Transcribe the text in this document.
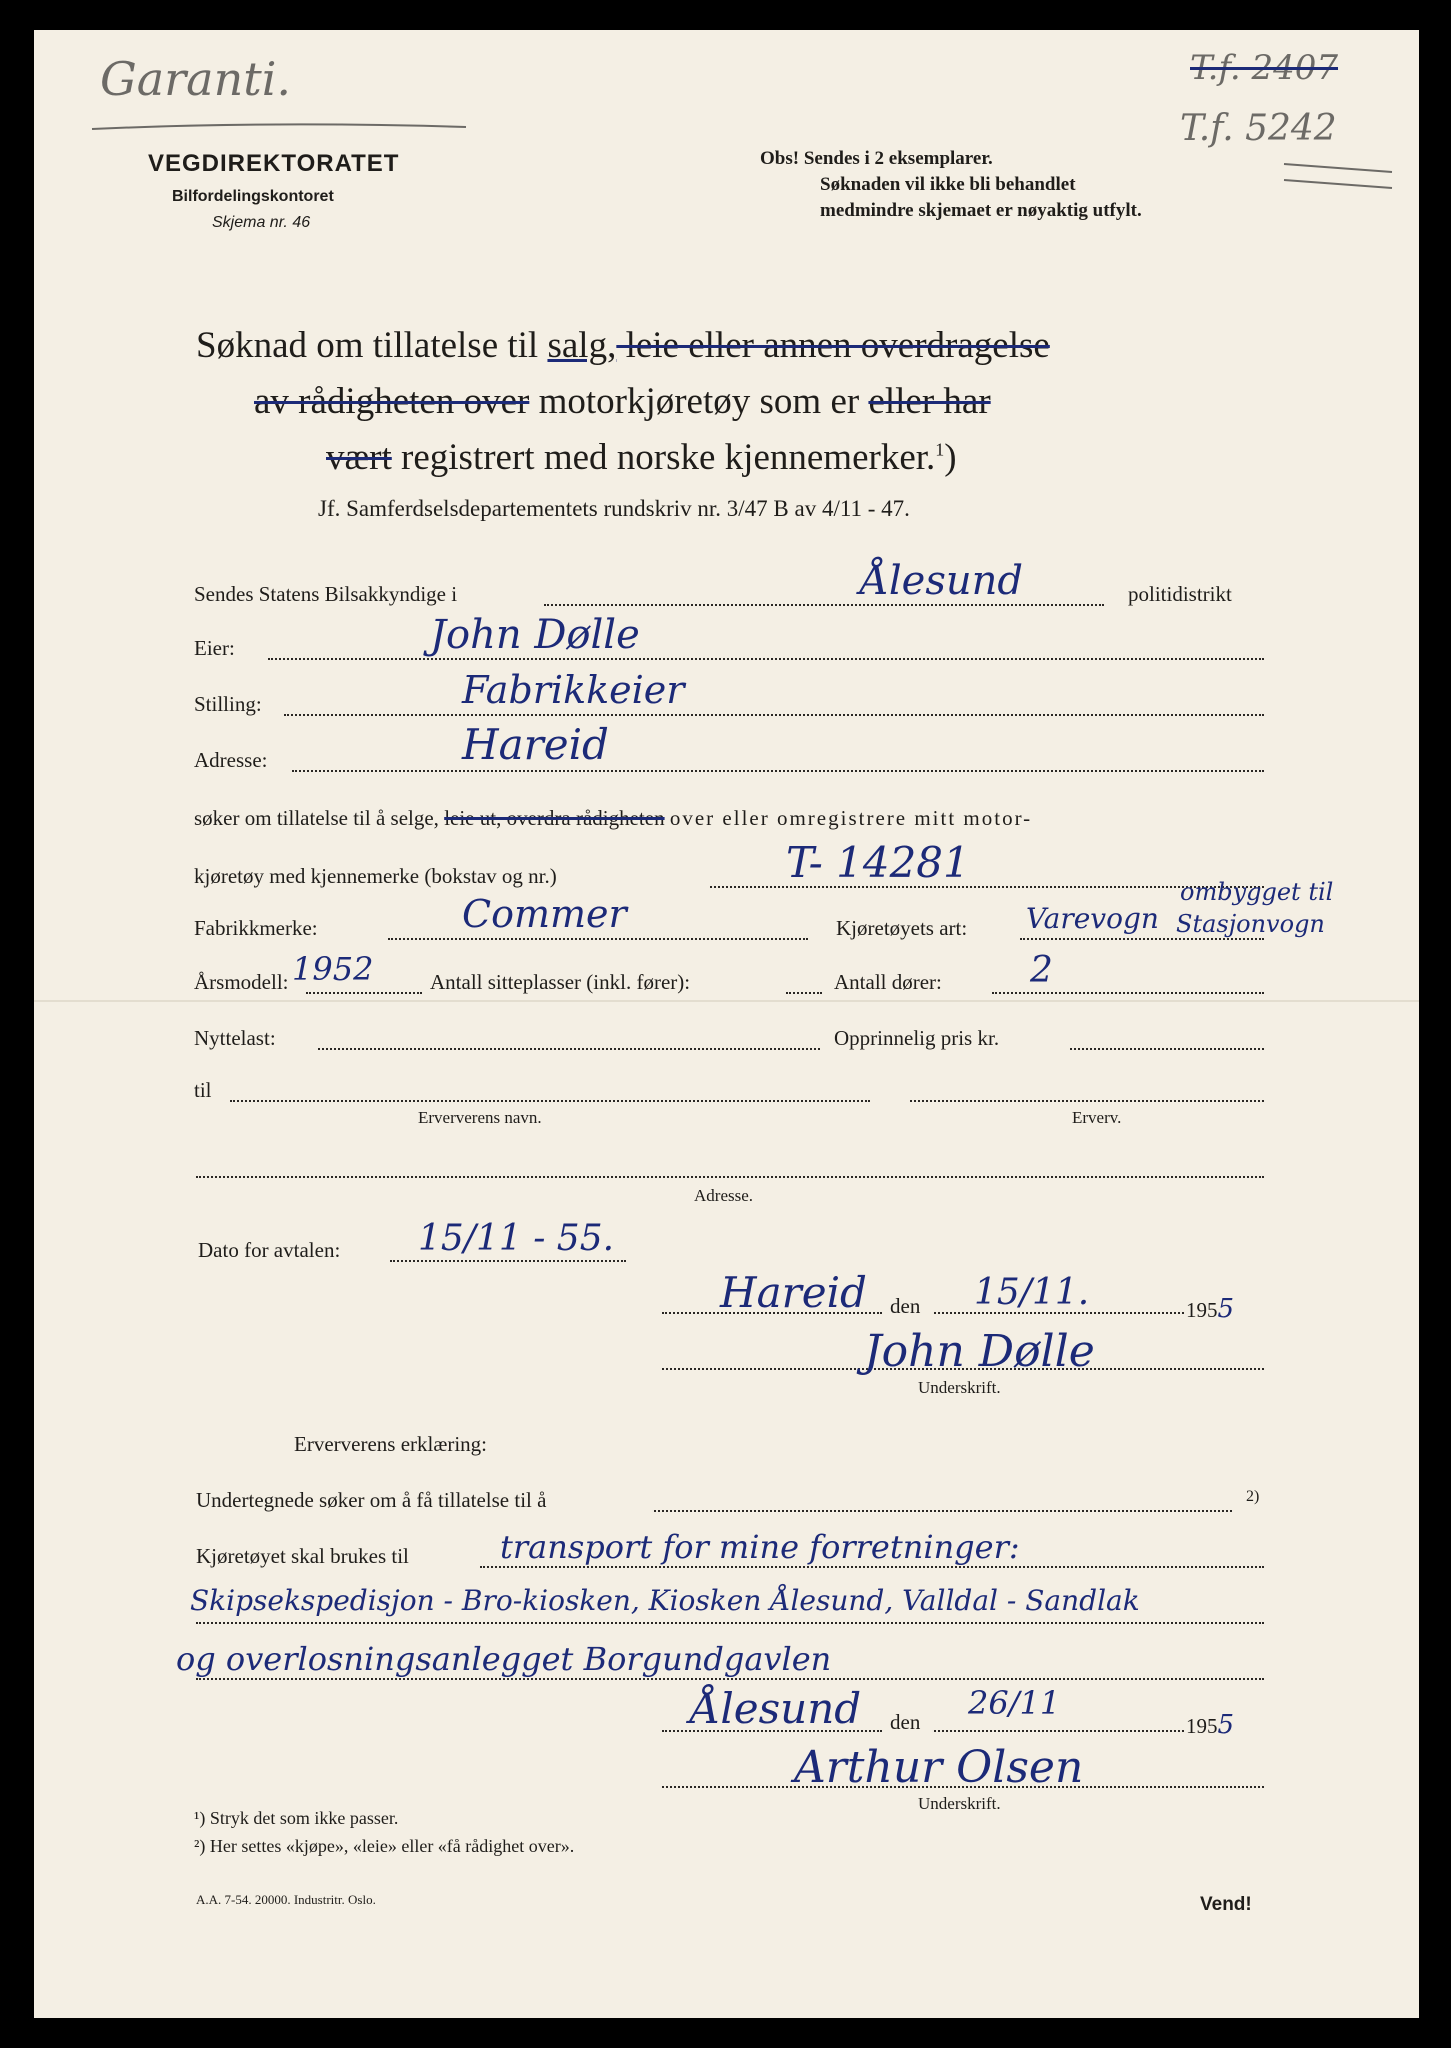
Garanti.	T.f. 2407
T.f. 5242
VEGDIREKTORATET
Bilfordelingskontoret
Skjema nr. 46
Obs! Sendes i 2 eksemplarer.
Søknaden vil ikke bli behandlet
medmindre skjemaet er nøyaktig utfylt.
Søknad om tillatelse til salg, leie eller annen overdragelse
av rådigheten over motorkjøretøy som er eller har
vært registrert med norske kjennemerker.$^1$)
Jf. Samferdselsdepartementets rundskriv nr. 3/47 B av 4/11 - 47.
Sendes Statens Bilsakkyndige i	Ålesund	politidistrikt
Eier:	John Dølle
Stilling:	Fabrikkeier
Adresse:	Hareid
søker om tillatelse til å selge, leie ut, overdra rådigheten over eller omregistrere mitt motor-
kjøretøy med kjennemerke (bokstav og nr.)	T- 14281
Fabrikkmerke:	Commer	Kjøretøyets art: Varevogn
ombygget til
Stasjonvogn
Årsmodell: 1952	Antall sitteplasser (inkl. fører):	Antall dører: 2
Nyttelast:	Opprinnelig pris kr.
til
Erververens navn.	Erverv.
Adresse.
Dato for avtalen: 15/11 - 55.
Hareid den 15/11.	1955
John Dølle
Underskrift.
Erververens erklæring:
Undertegnede søker om å få tillatelse til å	2)
Kjøretøyet skal brukes til	transport for mine forretninger:
Skipsekspedisjon - Bro-kiosken, Kiosken Ålesund, Valldal - Sandlak
og overlosningsanlegget Borgundgavlen
Ålesund den 26/11
1955
Arthur Olsen
Underskrift.
¹) Stryk det som ikke passer.
²) Her settes «kjøpe», «leie» eller «få rådighet over».
A.A. 7-54. 20000. Industritr. Oslo.	Vend!
